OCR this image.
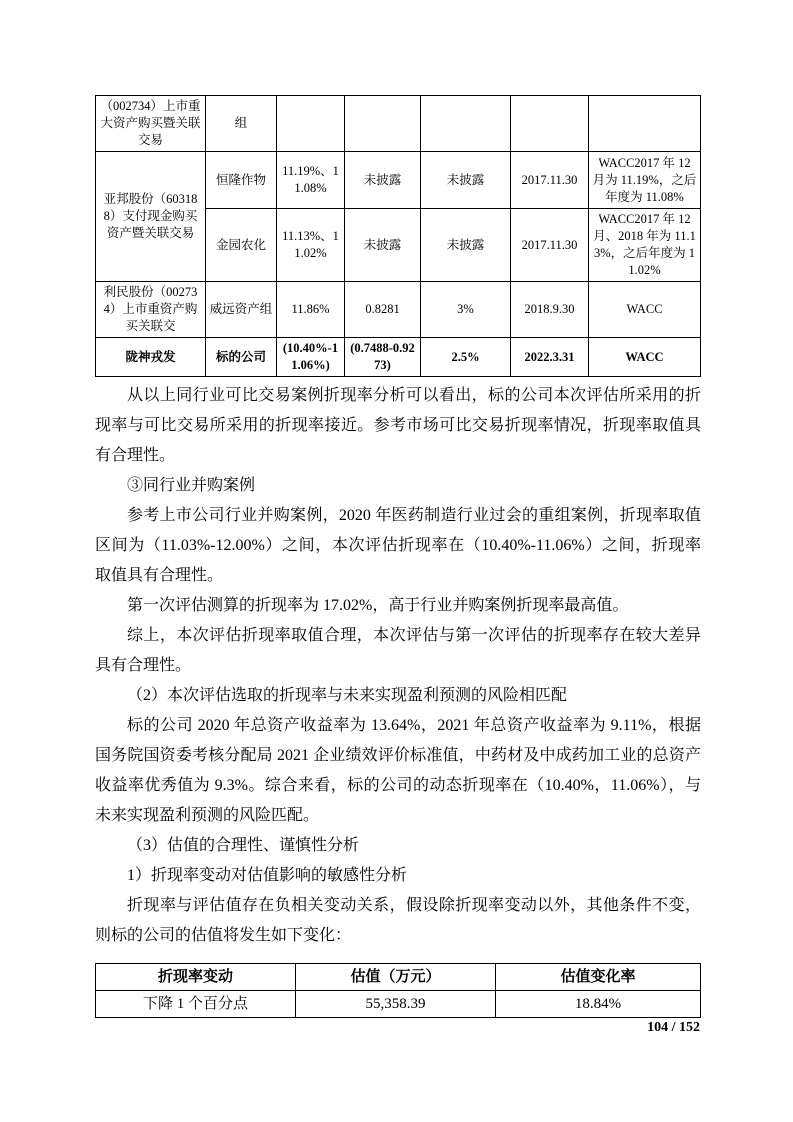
（002734）上市重大资产购买暨关联交易	组					
亚邦股份（603188）支付现金购买资产暨关联交易	恒隆作物	11.19%、11.08%	未披露	未披露	2017.11.30	WACC2017 年 12 月为 11.19%，之后年度为 11.08%
	金园农化	11.13%、11.02%	未披露	未披露	2017.11.30	WACC2017 年 12 月、2018 年为 11.13%，之后年度为 11.02%
利民股份（002734）上市重资产购买关联交	威远资产组	11.86%	0.8281	3%	2018.9.30	WACC
陇神戎发	标的公司	(10.40%-11.06%)	(0.7488-0.9273)	2.5%	2022.3.31	WACC

从以上同行业可比交易案例折现率分析可以看出，标的公司本次评估所采用的折现率与可比交易所采用的折现率接近。参考市场可比交易折现率情况，折现率取值具有合理性。

③同行业并购案例

参考上市公司行业并购案例，2020 年医药制造行业过会的重组案例，折现率取值区间为（11.03%-12.00%）之间，本次评估折现率在（10.40%-11.06%）之间，折现率取值具有合理性。

第一次评估测算的折现率为 17.02%，高于行业并购案例折现率最高值。

综上，本次评估折现率取值合理，本次评估与第一次评估的折现率存在较大差异具有合理性。

（2）本次评估选取的折现率与未来实现盈利预测的风险相匹配

标的公司 2020 年总资产收益率为 13.64%，2021 年总资产收益率为 9.11%，根据国务院国资委考核分配局 2021 企业绩效评价标准值，中药材及中成药加工业的总资产收益率优秀值为 9.3%。综合来看，标的公司的动态折现率在（10.40%，11.06%），与未来实现盈利预测的风险匹配。

（3）估值的合理性、谨慎性分析

1）折现率变动对估值影响的敏感性分析

折现率与评估值存在负相关变动关系，假设除折现率变动以外，其他条件不变，则标的公司的估值将发生如下变化：

折现率变动	估值（万元）	估值变化率
下降 1 个百分点	55,358.39	18.84%
104 / 152
